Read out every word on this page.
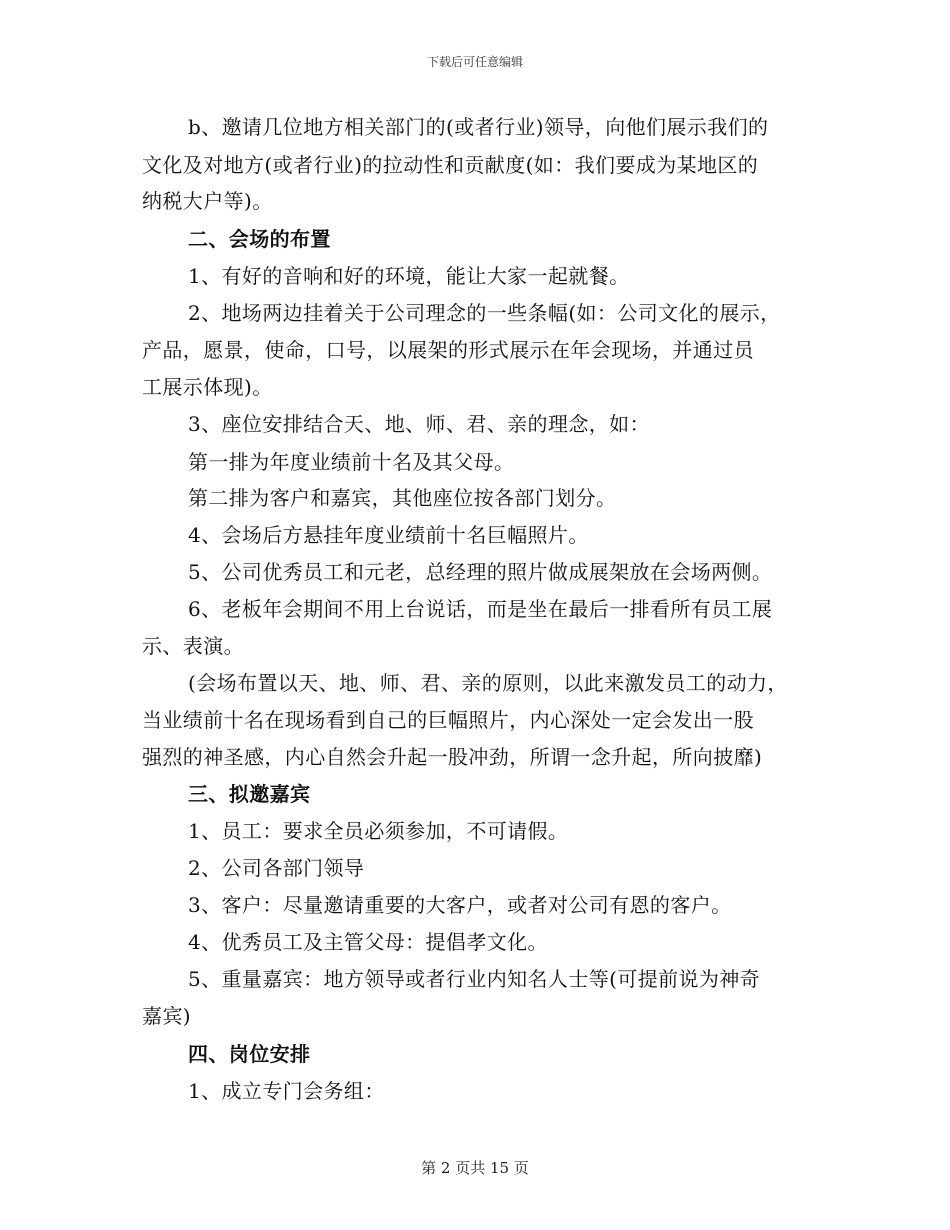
下载后可任意编辑
b、邀请几位地方相关部门的(或者行业)领导，向他们展示我们的
文化及对地方(或者行业)的拉动性和贡献度(如：我们要成为某地区的
纳税大户等)。
二、会场的布置
1、有好的音响和好的环境，能让大家一起就餐。
2、地场两边挂着关于公司理念的一些条幅(如：公司文化的展示，
产品，愿景，使命，口号，以展架的形式展示在年会现场，并通过员
工展示体现)。
3、座位安排结合天、地、师、君、亲的理念，如：
第一排为年度业绩前十名及其父母。
第二排为客户和嘉宾，其他座位按各部门划分。
4、会场后方悬挂年度业绩前十名巨幅照片。
5、公司优秀员工和元老，总经理的照片做成展架放在会场两侧。
6、老板年会期间不用上台说话，而是坐在最后一排看所有员工展
示、表演。
(会场布置以天、地、师、君、亲的原则，以此来激发员工的动力，
当业绩前十名在现场看到自己的巨幅照片，内心深处一定会发出一股
强烈的神圣感，内心自然会升起一股冲劲，所谓一念升起，所向披靡)
三、拟邀嘉宾
1、员工：要求全员必须参加，不可请假。
2、公司各部门领导
3、客户：尽量邀请重要的大客户，或者对公司有恩的客户。
4、优秀员工及主管父母：提倡孝文化。
5、重量嘉宾：地方领导或者行业内知名人士等(可提前说为神奇
嘉宾)
四、岗位安排
1、成立专门会务组：
第 2 页共 15 页
